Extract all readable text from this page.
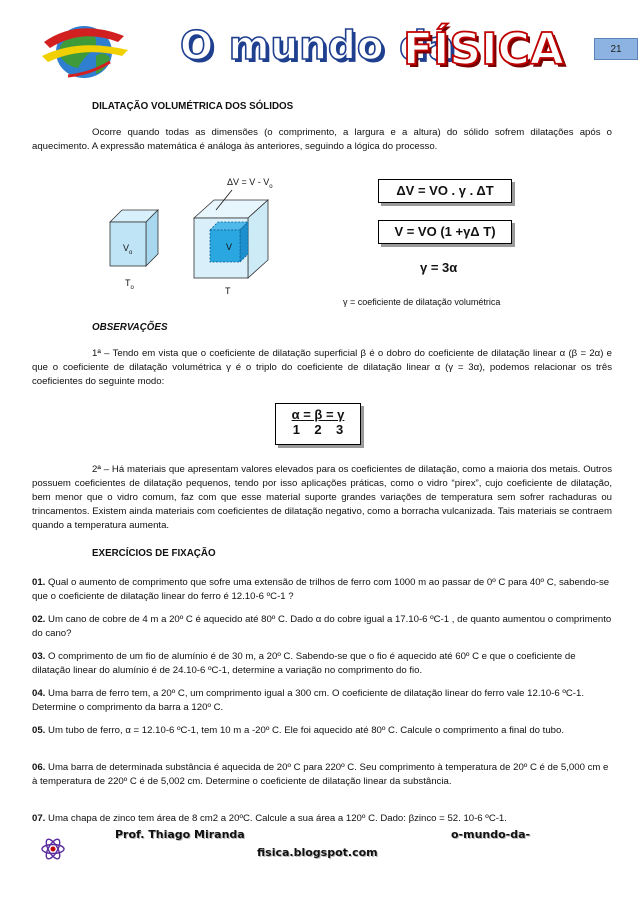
O mundo da
FÍSICA	21
DILATAÇÃO VOLUMÉTRICA DOS SÓLIDOS
Ocorre quando todas as dimensões (o comprimento, a largura e a altura) do sólido sofrem dilatações após o aquecimento. A expressão matemática é análoga às anteriores, seguindo a lógica do processo.
$\Delta V = V - V_o$
$V_o$
$T_o$
V
T
ΔV = VO . γ . ΔT
V = VO (1 +γΔ T)
γ = 3α
γ = coeficiente de dilatação volumétrica
OBSERVAÇÕES
1ª – Tendo em vista que o coeficiente de dilatação superficial β é o dobro do coeficiente de dilatação linear α (β = 2α) e que o coeficiente de dilatação volumétrica γ é o triplo do coeficiente de dilatação linear α (γ = 3α), podemos relacionar os três coeficientes do seguinte modo:
α = β = γ
1    2    3
2ª – Há materiais que apresentam valores elevados para os coeficientes de dilatação, como a maioria dos metais. Outros possuem coeficientes de dilatação pequenos, tendo por isso aplicações práticas, como o vidro “pirex”, cujo coeficiente de dilatação, bem menor que o vidro comum, faz com que esse material suporte grandes variações de temperatura sem sofrer rachaduras ou trincamentos. Existem ainda materiais com coeficientes de dilatação negativo, como a borracha vulcanizada. Tais materiais se contraem quando a temperatura aumenta.
EXERCÍCIOS DE FIXAÇÃO
01. Qual o aumento de comprimento que sofre uma extensão de trilhos de ferro com 1000 m ao passar de 0º C para 40º C, sabendo-se que o coeficiente de dilatação linear do ferro é 12.10-6 ºC-1 ?
02. Um cano de cobre de 4 m a 20º C é aquecido até 80º C. Dado α do cobre igual a 17.10-6 ºC-1 , de quanto aumentou o comprimento do cano?
03. O comprimento de um fio de alumínio é de 30 m, a 20º C. Sabendo-se que o fio é aquecido até 60º C e que o coeficiente de dilatação linear do alumínio é de 24.10-6 ºC-1, determine a variação no comprimento do fio.
04. Uma barra de ferro tem, a 20º C, um comprimento igual a 300 cm. O coeficiente de dilatação linear do ferro vale 12.10-6 ºC-1. Determine o comprimento da barra a 120º C.
05. Um tubo de ferro, α = 12.10-6 ºC-1, tem 10 m a -20º C. Ele foi aquecido até 80º C. Calcule o comprimento a final do tubo.
06. Uma barra de determinada substância é aquecida de 20º C para 220º C. Seu comprimento à temperatura de 20º C é de 5,000 cm e à temperatura de 220º C é de 5,002 cm. Determine o coeficiente de dilatação linear da substância.
07. Uma chapa de zinco tem área de 8 cm2 a 20ºC. Calcule a sua área a 120º C. Dado: βzinco = 52. 10-6 ºC-1.
Prof. Thiago Miranda	o-mundo-da-
fisica.blogspot.com
